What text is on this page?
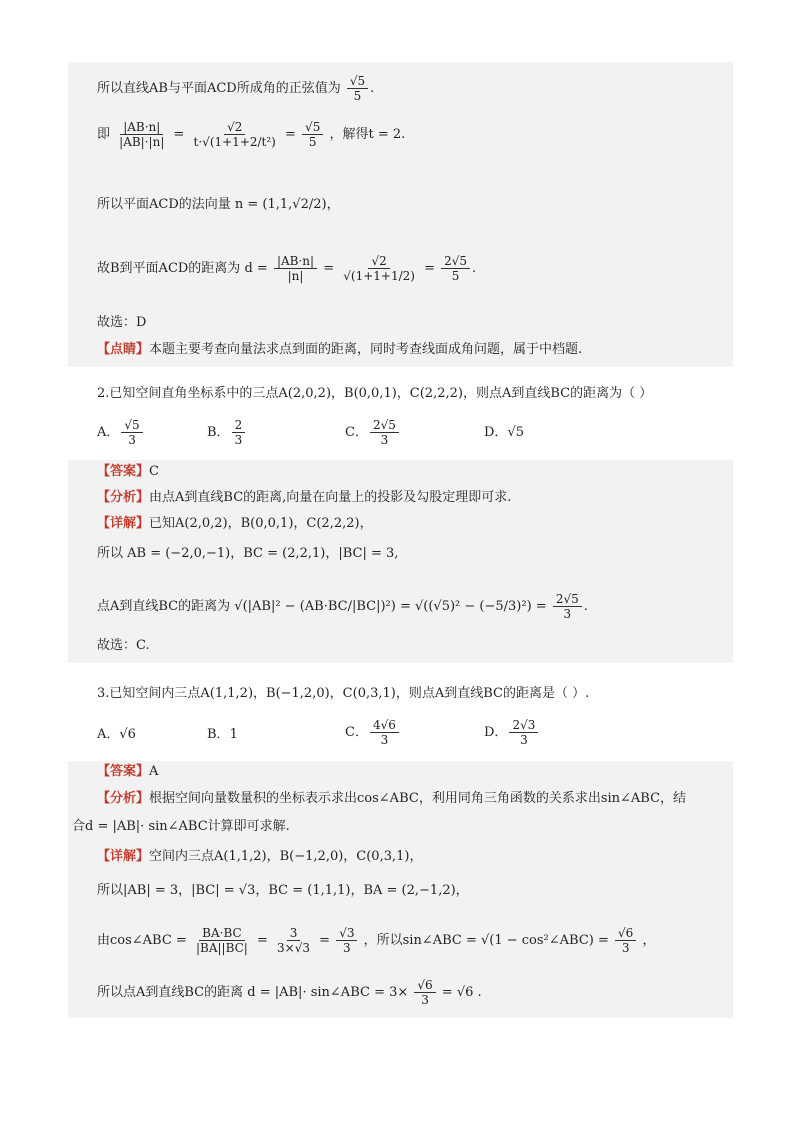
所以直线AB与平面ACD所成角的正弦值为 $\frac{√5}{5}$ .
即 $\frac{|AB\cdot n|}{|AB|\cdot|n|} = \frac{√2}{\text{t·√(1+1+2/t²)}} = \frac{√5}{5}$ ，解得t = 2.
所以平面ACD的法向量 n = (1,1,√2/2)，
故B到平面ACD的距离为 $d = \frac{|AB\cdot n|}{|n|} = \frac{√2}{√(1+1+1/2)} = \frac{2√5}{5}$ .
故选：D
【点睛】本题主要考查向量法求点到面的距离，同时考查线面成角问题，属于中档题.
2.已知空间直角坐标系中的三点A(2,0,2)，B(0,0,1)，C(2,2,2)，则点A到直线BC的距离为（ ）
A． $\frac{√5}{3}$	B． $\frac{2}{3}$	C． $\frac{2√5}{3}$	D．√5
【答案】C
【分析】由点A到直线BC的距离,向量在向量上的投影及勾股定理即可求.
【详解】已知A(2,0,2)，B(0,0,1)，C(2,2,2)，
所以 AB = (−2,0,−1)，BC = (2,2,1)，|BC| = 3,
点A到直线BC的距离为 $√(|AB|^2 - (AB\cdot BC/|BC|)^2) = √((√5)^2 - (-5/3)^2) = \frac{2√5}{3}$ .
故选：C.
3.已知空间内三点A(1,1,2)，B(−1,2,0)，C(0,3,1)，则点A到直线BC的距离是（ ）.
A．√6	B．1	C． $\frac{4√6}{3}$	D． $\frac{2√3}{3}$
【答案】A
【分析】根据空间向量数量积的坐标表示求出cos∠ABC，利用同角三角函数的关系求出sin∠ABC，结
合d = |AB|· sin∠ABC计算即可求解.
【详解】空间内三点A(1,1,2)，B(−1,2,0)，C(0,3,1)，
所以|AB| = 3，|BC| = √3，BC = (1,1,1)，BA = (2,−1,2)，
由cos∠ABC = $\frac{BA\cdot BC}{|BA||BC|} = \frac{3}{3\times√3} = \frac{√3}{3}$ ，所以sin∠ABC = √(1 − cos²∠ABC) = $\frac{√6}{3}$ ，
所以点A到直线BC的距离 d = |AB|· sin∠ABC = $3\times \frac{√6}{3} = √6$ .
